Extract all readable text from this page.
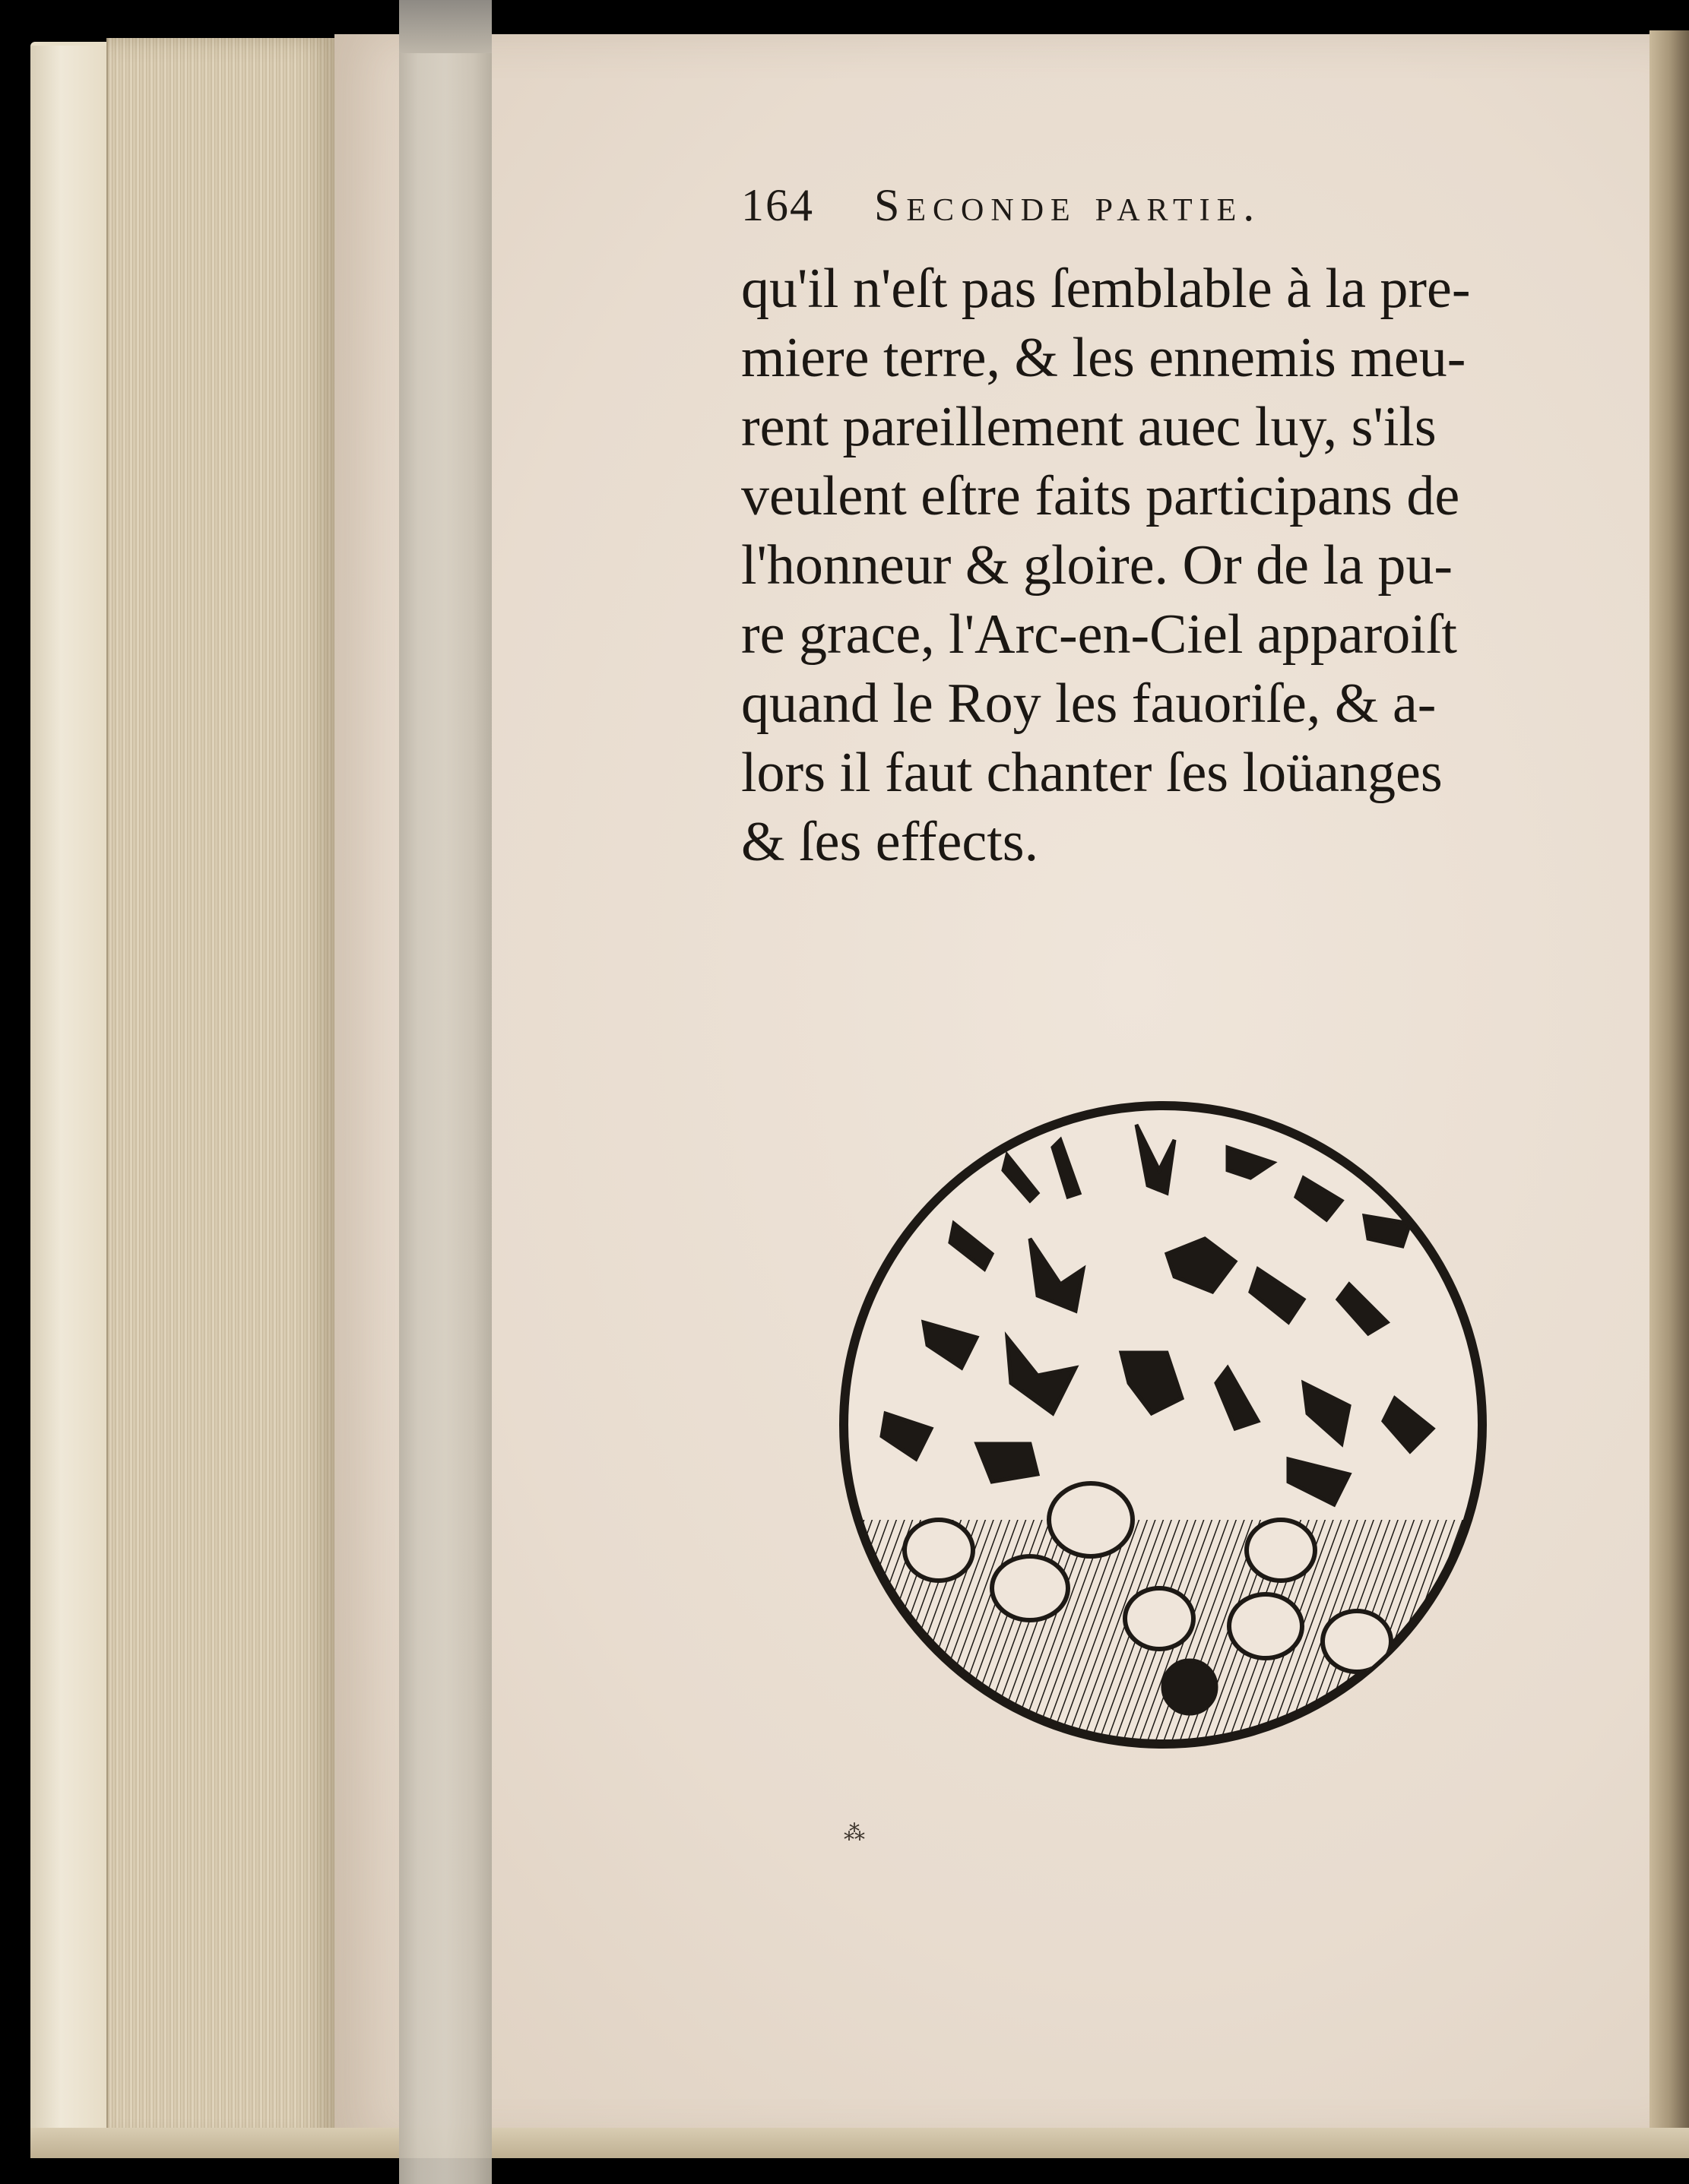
164 Seconde partie.
qu'il n'eſt pas ſemblable à la pre-
miere terre, & les ennemis meu-
rent pareillement auec luy, s'ils
veulent eſtre faits participans de
l'honneur & gloire. Or de la pu-
re grace, l'Arc-en-Ciel apparoiſt
quand le Roy les fauoriſe, & a-
lors il faut chanter ſes loüanges
& ſes effects.
⁂
